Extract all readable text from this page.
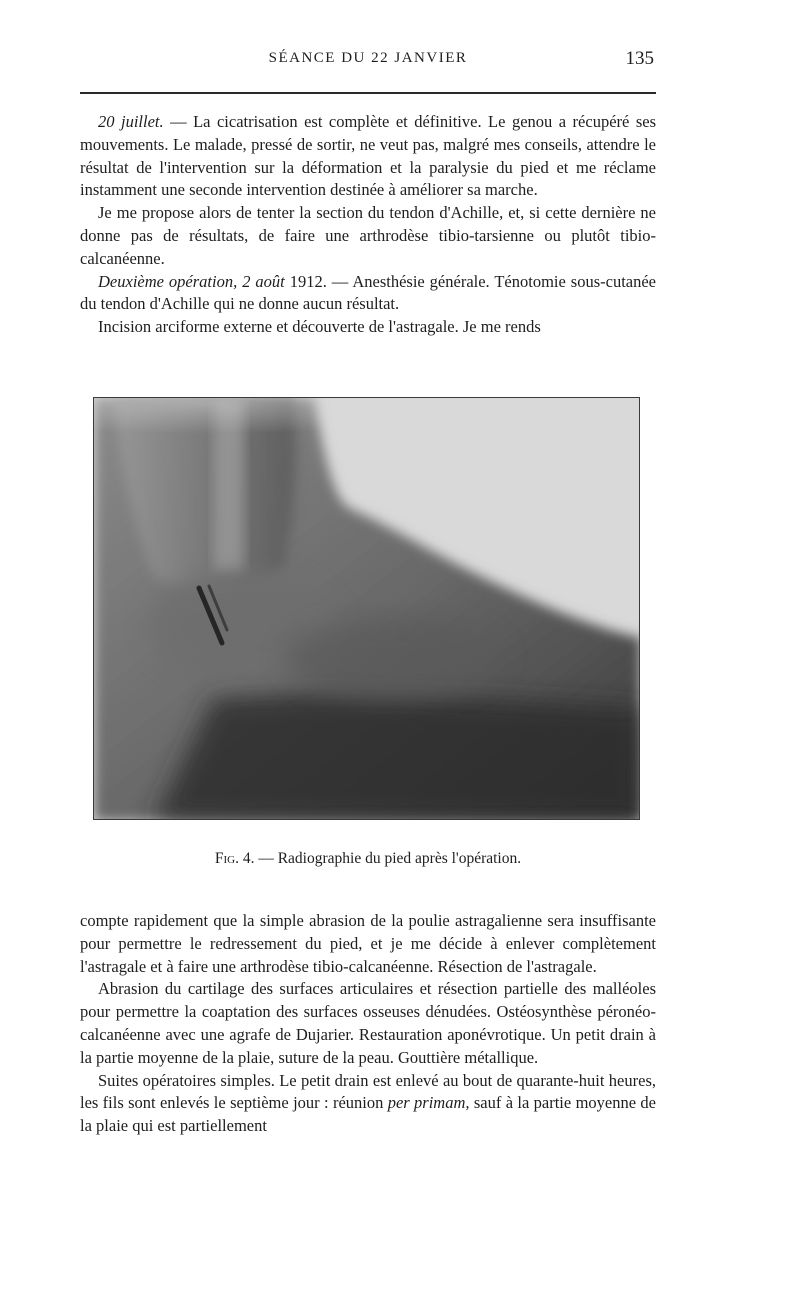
SÉANCE DU 22 JANVIER	135

20 juillet. — La cicatrisation est complète et définitive. Le genou a récupéré ses mouvements. Le malade, pressé de sortir, ne veut pas, malgré mes conseils, attendre le résultat de l'intervention sur la déformation et la paralysie du pied et me réclame instamment une seconde intervention destinée à améliorer sa marche.

Je me propose alors de tenter la section du tendon d'Achille, et, si cette dernière ne donne pas de résultats, de faire une arthrodèse tibio-tarsienne ou plutôt tibio-calcanéenne.

Deuxième opération, 2 août 1912. — Anesthésie générale. Ténotomie sous-cutanée du tendon d'Achille qui ne donne aucun résultat.

Incision arciforme externe et découverte de l'astragale. Je me rends

Fig. 4. — Radiographie du pied après l'opération.

compte rapidement que la simple abrasion de la poulie astragalienne sera insuffisante pour permettre le redressement du pied, et je me décide à enlever complètement l'astragale et à faire une arthrodèse tibio-calcanéenne. Résection de l'astragale.

Abrasion du cartilage des surfaces articulaires et résection partielle des malléoles pour permettre la coaptation des surfaces osseuses dénudées. Ostéosynthèse péronéo-calcanéenne avec une agrafe de Dujarier. Restauration aponévrotique. Un petit drain à la partie moyenne de la plaie, suture de la peau. Gouttière métallique.

Suites opératoires simples. Le petit drain est enlevé au bout de quarante-huit heures, les fils sont enlevés le septième jour : réunion per primam, sauf à la partie moyenne de la plaie qui est partiellement
